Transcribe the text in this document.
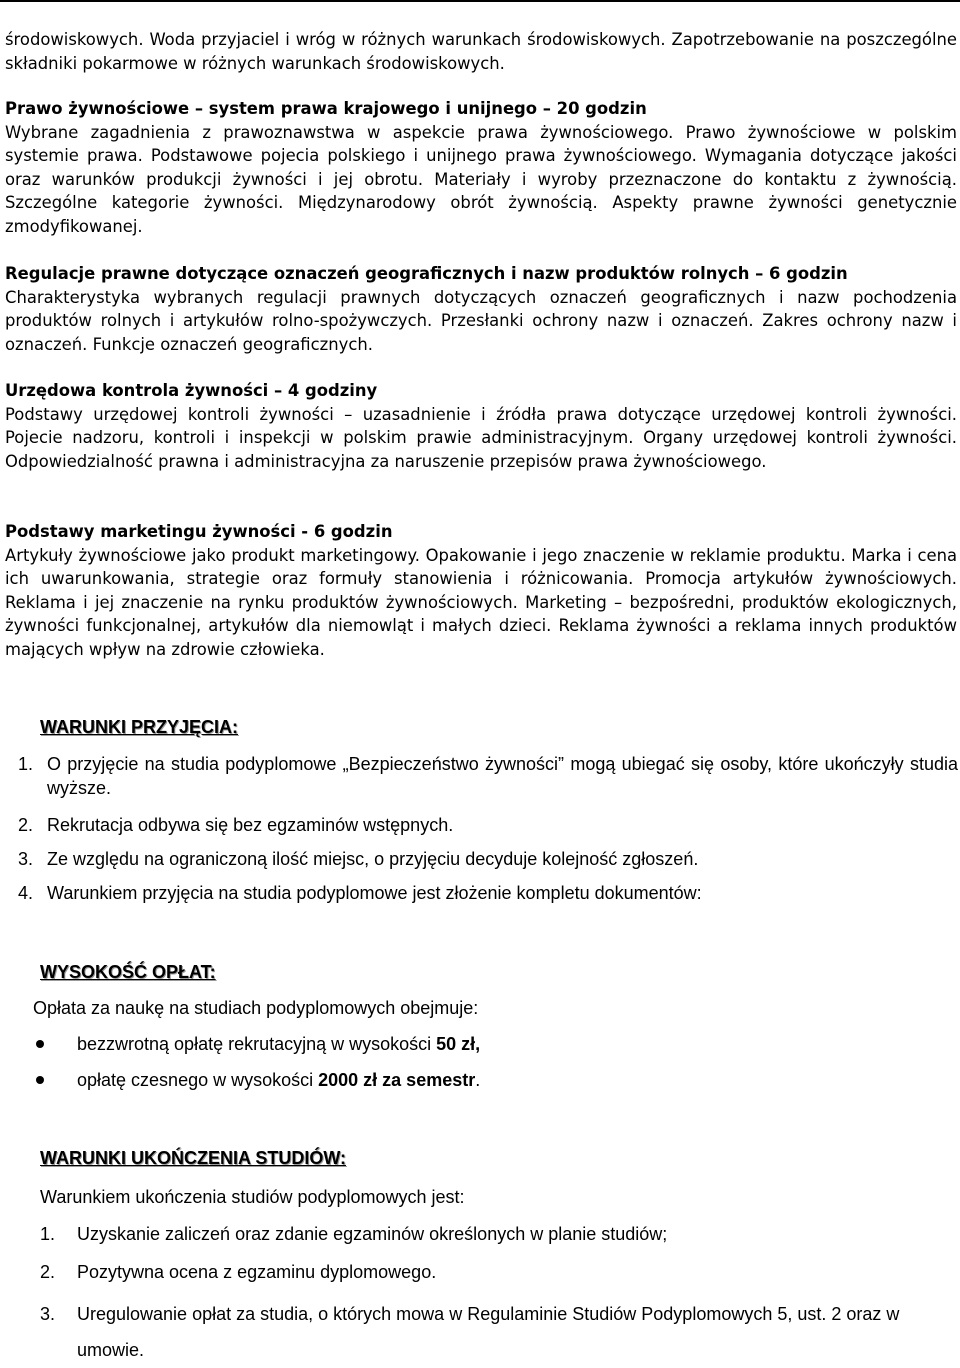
środowiskowych. Woda przyjaciel i wróg w różnych warunkach środowiskowych. Zapotrzebowanie na poszczególne składniki pokarmowe w różnych warunkach środowiskowych.

Prawo żywnościowe – system prawa krajowego i unijnego – 20 godzin

Wybrane zagadnienia z prawoznawstwa w aspekcie prawa żywnościowego. Prawo żywnościowe w polskim systemie prawa. Podstawowe pojecia polskiego i unijnego prawa żywnościowego. Wymagania dotyczące jakości oraz warunków produkcji żywności i jej obrotu. Materiały i wyroby przeznaczone do kontaktu z żywnością. Szczególne kategorie żywności. Międzynarodowy obrót żywnością. Aspekty prawne żywności genetycznie zmodyfikowanej.

Regulacje prawne dotyczące oznaczeń geograficznych i nazw produktów rolnych – 6 godzin

Charakterystyka wybranych regulacji prawnych dotyczących oznaczeń geograficznych i nazw pochodzenia produktów rolnych i artykułów rolno-spożywczych. Przesłanki ochrony nazw i oznaczeń. Zakres ochrony nazw i oznaczeń. Funkcje oznaczeń geograficznych.

Urzędowa kontrola żywności – 4 godziny

Podstawy urzędowej kontroli żywności – uzasadnienie i źródła prawa dotyczące urzędowej kontroli żywności. Pojecie nadzoru, kontroli i inspekcji w polskim prawie administracyjnym. Organy urzędowej kontroli żywności. Odpowiedzialność prawna i administracyjna za naruszenie przepisów prawa żywnościowego.

Podstawy marketingu żywności - 6 godzin

Artykuły żywnościowe jako produkt marketingowy. Opakowanie i jego znaczenie w reklamie produktu. Marka i cena ich uwarunkowania, strategie oraz formuły stanowienia i różnicowania. Promocja artykułów żywnościowych. Reklama i jej znaczenie na rynku produktów żywnościowych. Marketing – bezpośredni, produktów ekologicznych, żywności funkcjonalnej, artykułów dla niemowląt i małych dzieci. Reklama żywności a reklama innych produktów mających wpływ na zdrowie człowieka.

WARUNKI PRZYJĘCIA:
1. O przyjęcie na studia podyplomowe „Bezpieczeństwo żywności” mogą ubiegać się osoby, które ukończyły studia wyższe.
2. Rekrutacja odbywa się bez egzaminów wstępnych.
3. Ze względu na ograniczoną ilość miejsc, o przyjęciu decyduje kolejność zgłoszeń.
4. Warunkiem przyjęcia na studia podyplomowe jest złożenie kompletu dokumentów:
WYSOKOŚĆ OPŁAT:
Opłata za naukę na studiach podyplomowych obejmuje:
bezzwrotną opłatę rekrutacyjną w wysokości 50 zł,
opłatę czesnego w wysokości 2000 zł za semestr.
WARUNKI UKOŃCZENIA STUDIÓW:
Warunkiem ukończenia studiów podyplomowych jest:
1. Uzyskanie zaliczeń oraz zdanie egzaminów określonych w planie studiów;
2. Pozytywna ocena z egzaminu dyplomowego.
3. Uregulowanie opłat za studia, o których mowa w Regulaminie Studiów Podyplomowych 5, ust. 2 oraz w umowie.
